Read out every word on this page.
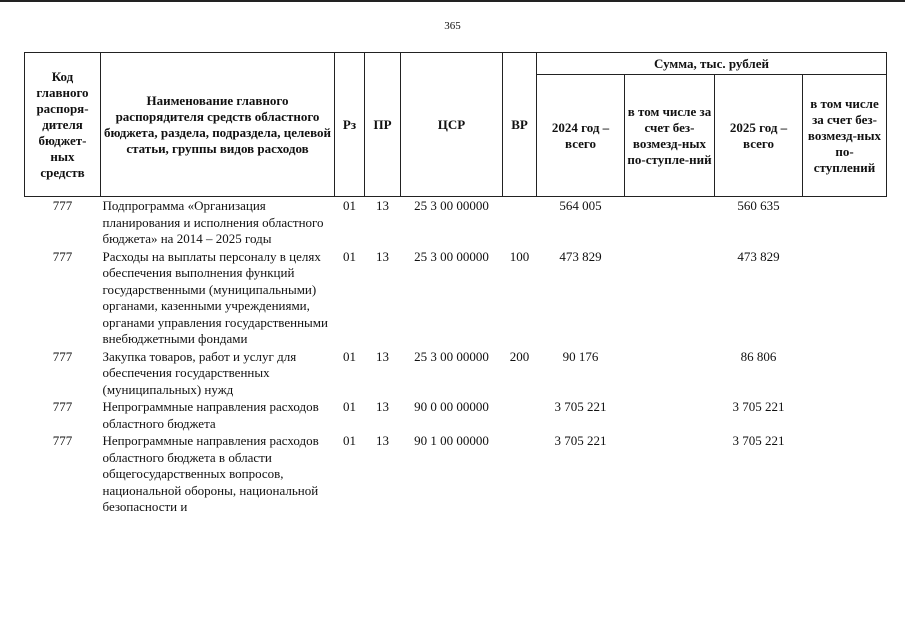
365
Код главного распоря-дителя бюджет-ных средств	Наименование главного распорядителя средств областного бюджета, раздела, подраздела, целевой статьи, группы видов расходов	Рз	ПР	ЦСР	ВР	Сумма, тыс. рублей			
						2024 год – всего	в том числе за счет без-возмезд-ных по-ступле-ний	2025 год – всего	в том числе за счет без-возмезд-ных по-ступлений
777	Подпрограмма «Организация планирования и исполнения областного бюджета» на 2014 – 2025 годы	01	13	25 3 00 00000		564 005		560 635	
777	Расходы на выплаты персоналу в целях обеспечения выполнения функций государственными (муниципальными) органами, казенными учреждениями, органами управления государственными внебюджетными фондами	01	13	25 3 00 00000	100	473 829		473 829	
777	Закупка товаров, работ и услуг для обеспечения государственных (муниципальных) нужд	01	13	25 3 00 00000	200	90 176		86 806	
777	Непрограммные направления расходов областного бюджета	01	13	90 0 00 00000		3 705 221		3 705 221	
777	Непрограммные направления расходов областного бюджета в области общегосударственных вопросов, национальной обороны, национальной безопасности и	01	13	90 1 00 00000		3 705 221		3 705 221	
